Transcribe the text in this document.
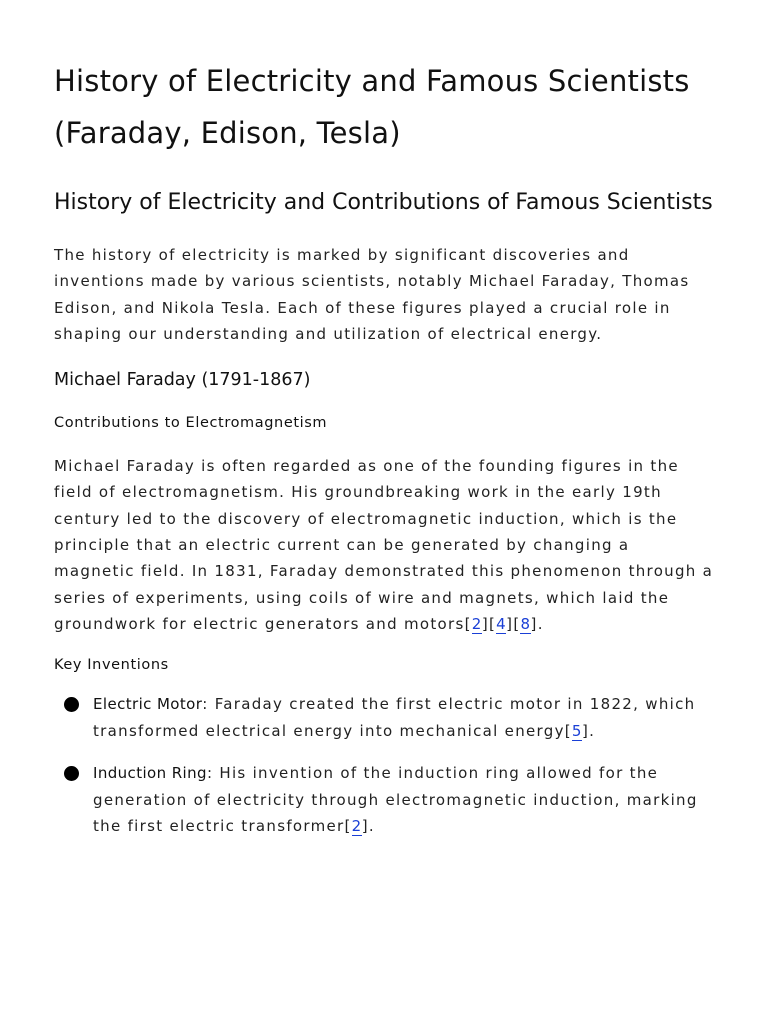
History of Electricity and Famous Scientists (Faraday, Edison, Tesla)
History of Electricity and Contributions of Famous Scientists

The history of electricity is marked by significant discoveries and inventions made by various scientists, notably Michael Faraday, Thomas Edison, and Nikola Tesla. Each of these figures played a crucial role in shaping our understanding and utilization of electrical energy.

Michael Faraday (1791-1867)
Contributions to Electromagnetism

Michael Faraday is often regarded as one of the founding figures in the field of electromagnetism. His groundbreaking work in the early 19th century led to the discovery of electromagnetic induction, which is the principle that an electric current can be generated by changing a magnetic field. In 1831, Faraday demonstrated this phenomenon through a series of experiments, using coils of wire and magnets, which laid the groundwork for electric generators and motors[2][4][8].

Key Inventions
Electric Motor: Faraday created the first electric motor in 1822, which transformed electrical energy into mechanical energy[5].
Induction Ring: His invention of the induction ring allowed for the generation of electricity through electromagnetic induction, marking the first electric transformer[2].
